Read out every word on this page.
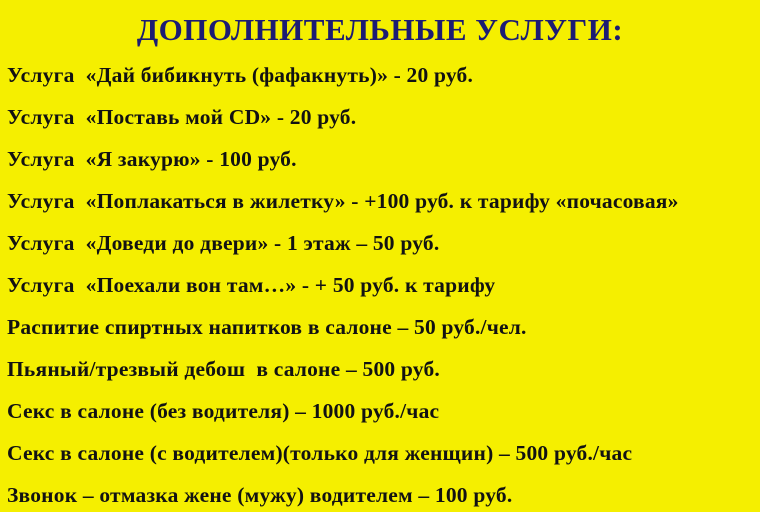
ДОПОЛНИТЕЛЬНЫЕ УСЛУГИ:

Услуга  «Дай бибикнуть (фафакнуть)» - 20 руб.

Услуга  «Поставь мой CD» - 20 руб.

Услуга  «Я закурю» - 100 руб.

Услуга  «Поплакаться в жилетку» - +100 руб. к тарифу «почасовая»

Услуга  «Доведи до двери» - 1 этаж – 50 руб.

Услуга  «Поехали вон там…» - + 50 руб. к тарифу

Распитие спиртных напитков в салоне – 50 руб./чел.

Пьяный/трезвый дебош  в салоне – 500 руб.

Секс в салоне (без водителя) – 1000 руб./час

Секс в салоне (с водителем)(только для женщин) – 500 руб./час

Звонок – отмазка жене (мужу) водителем – 100 руб.
